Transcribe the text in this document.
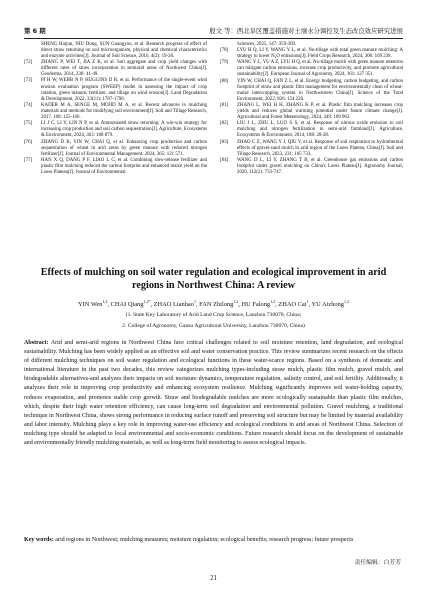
第 6 期	殷文 等：西北旱区覆盖措施对土壤水分调控及生态改良效应研究进展
SHENG Haijun, NIU Dong, SUN Guangyou, et al. Research progress of effect of direct straw returning on soil microorganism, physical and chemical characteristics and enzyme activities[J]. Journal of Soil Science, 2016, 4(2): 19-26.
[72]	ZHANG P, WEI T, JIA Z K, et al. Soil aggregate and crop yield changes with different rates of straw incorporation in semiarid areas of Northwest China[J]. Geoderma, 2014, 230: 41-49.
[73]	PI H W, WEBB N P, HUGGINS D R, et al. Performance of the single-event wind erosion evaluation program (SWEEP) model in assessing the impact of crop rotation, green manure, fertilizer, and tillage on wind erosion[J]. Land Degradation & Development, 2022, 33(11): 1787-1798.
[74]	KADER M A, SENGE M, MOJID M A, et al. Recent advances in mulching materials and methods for modifying soil environment[J]. Soil and Tillage Research, 2017, 168: 155-166.
[75]	LI J C, LI Y, LIN N P, et al. Ammoniated straw returning: A win-win strategy for increasing crop production and soil carbon sequestration[J]. Agriculture, Ecosystems & Environment, 2024, 363: 108 879.
[76]	ZHANG D K, YIN W, CHAI Q, et al. Enhancing crop production and carbon sequestration of wheat in arid areas by green manure with reduced nitrogen fertilizer[J]. Journal of Environmental Management, 2024, 365: 121 571.
[77]	HAN X Q, DANG P F, LIAO L C, et al. Combining slow-release fertilizer and plastic film mulching reduced the carbon footprint and enhanced maize yield on the Loess Plateau[J]. Journal of Environmental
Sciences, 2025, 147: 359-369.
[78]	LYU H Q, LI Y, WANG Y L, et al. No-tillage with total green manure mulching: A strategy to lower N₂O emissions[J]. Field Crops Research, 2024, 306: 109 238.
[79]	WANG Y L, YU A Z, LYU H Q, et al. No-tillage mulch with green manure retention can mitigate carbon emissions, increase crop productivity, and promote agricultural sustainability[J]. European Journal of Agronomy, 2024, 161: 127 351.
[80]	YIN W, CHAI Q, FAN Z L, et al. Energy budgeting, carbon budgeting, and carbon footprint of straw and plastic film management for environmentally clean of wheat-maize intercropping system in Northwestern China[J]. Science of the Total Environment, 2022, 826: 154 220.
[81]	ZHANG L, WEI H H, ZHANG K P, et al. Plastic film mulching increases crop yields and reduces global warming potential under future climate change[J]. Agricultural and Forest Meteorology, 2024, 349: 109 963.
[82]	LIU J L, ZHU L, LUO S S, et al. Response of nitrous oxide emission to soil mulching and nitrogen fertilization in semi-arid farmland[J]. Agriculture, Ecosystems & Environment, 2014, 188: 20-28.
[83]	ZHAO C Z, WANG Y J, QIU Y, et al. Response of soil respiration to hydrothermal effects of gravel-sand mulch in arid region of the Loess Plateau, China[J]. Soil and Tillage Research, 2023, 231: 105 733.
[84]	WANG D L, LI Y, ZHANG T B, et al. Greenhouse gas emissions and carbon footprint under gravel mulching on China's Loess Plateau[J]. Agronomy Journal, 2020, 112(2): 733-747.
Effects of mulching on soil water regulation and ecological improvement in arid regions in Northwest China: A review
YIN Wen$^{1,2}$, CHAI Qiang$^{1,2*}$, ZHAO Lianhao$^1$, FAN Zhilong$^{1,2}$, HU Falong$^{1,2}$, ZHAO Cai$^1$, YU Aizhong$^{1,2}$
(1. State Key Laboratory of Arid Land Crop Science, Lanzhou 730070, China;
2. College of Agronomy, Gansu Agricultural University, Lanzhou 730070, China)
Abstract: Arid and semi-arid regions in Northwest China face critical challenges related to soil moisture retention, land degradation, and ecological sustainability. Mulching has been widely applied as an effective soil and water conservation practice. This review summarizes recent research on the effects of different mulching techniques on soil water regulation and ecological functions in these water-scarce regions. Based on a synthesis of domestic and international literature in the past two decades, this review categorizes mulching types-including straw mulch, plastic film mulch, gravel mulch, and biodegradable alternatives-and analyzes their impacts on soil moisture dynamics, temperature regulation, salinity control, and soil fertility. Additionally, it analyzes their role in improving crop productivity and enhancing ecosystem resilience. Mulching significantly improves soil water-holding capacity, reduces evaporation, and promotes stable crop growth. Straw and biodegradable mulches are more ecologically sustainable than plastic film mulches, which, despite their high water retention efficiency, can cause long-term soil degradation and environmental pollution. Gravel mulching, a traditional technique in Northwest China, shows strong performance in reducing surface runoff and preserving soil structure but may be limited by material availability and labor intensity. Mulching plays a key role in improving water-use efficiency and ecological conditions in arid areas of Northwest China. Selection of mulching type should be adapted to local environmental and socio-economic conditions. Future research should focus on the development of sustainable and environmentally friendly mulching materials, as well as long-term field monitoring to assess ecological impacts.
Key words: arid regions in Northwest; mulching measures; moisture regulation; ecological benefits; research progress; future prospects
责任编辑：白芳芳
21
